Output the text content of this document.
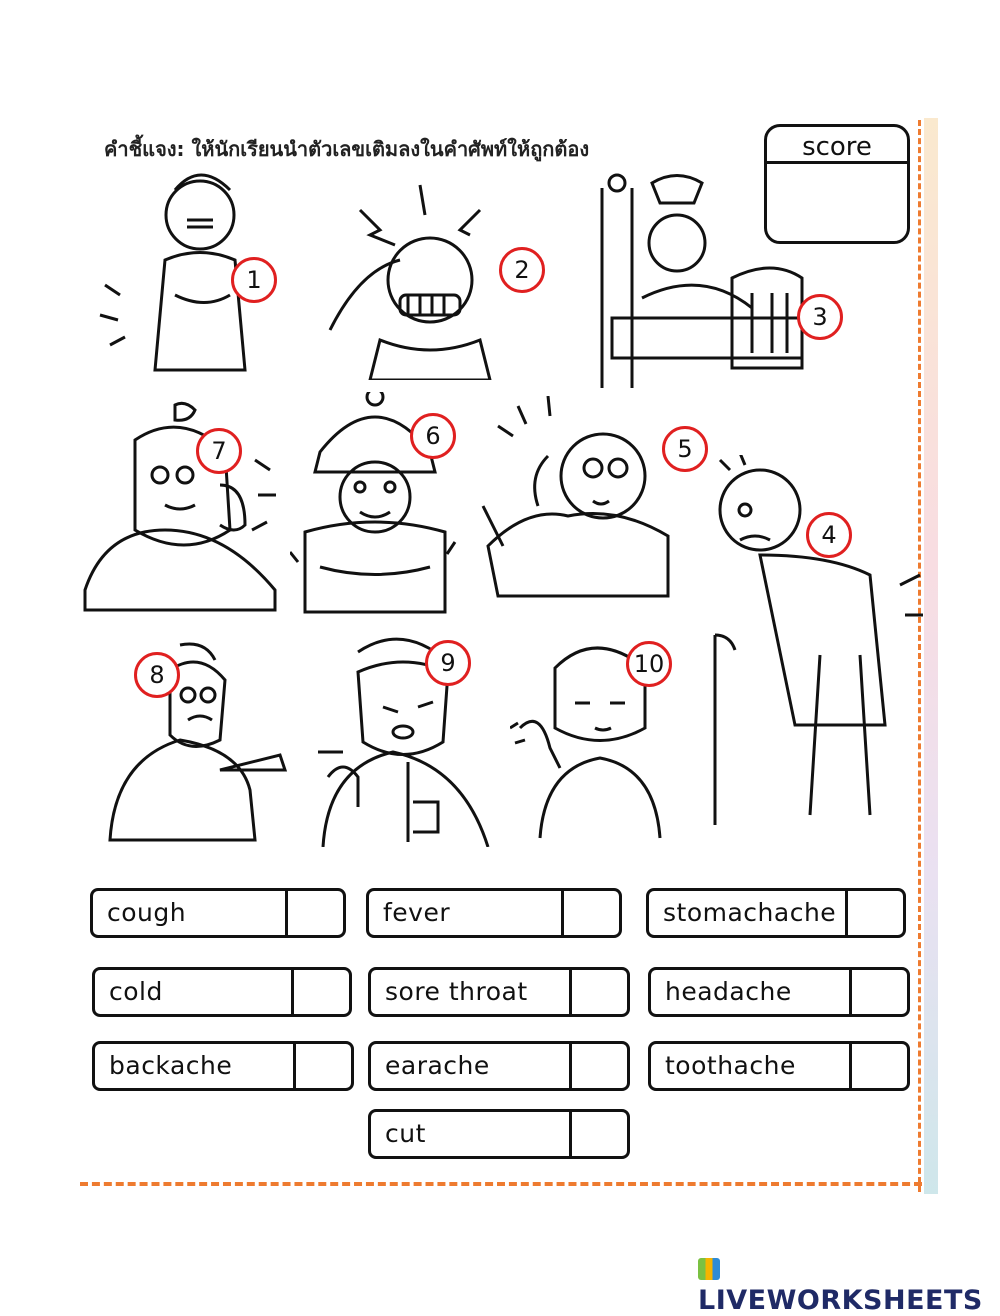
คำชี้แจง: ให้นักเรียนนำตัวเลขเติมลงในคำศัพท์ให้ถูกต้อง	score
1	2
3
4
5
6
7
8	9	10
cough	fever	stomachache
cold	sore throat	headache
backache	earache	toothache
cut
LIVEWORKSHEETS
